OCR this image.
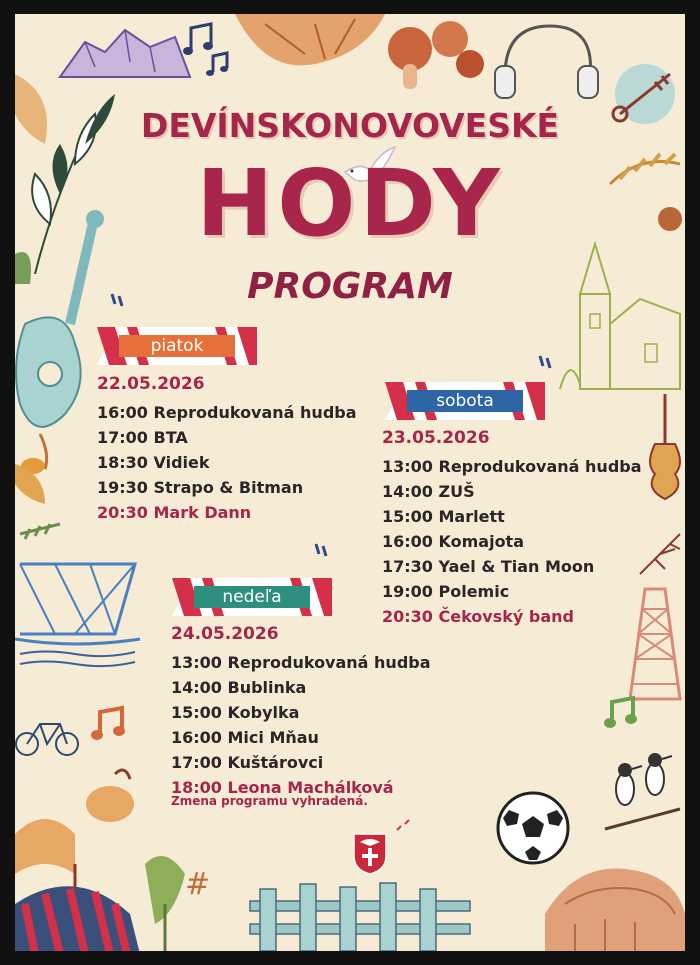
#
DEVÍNSKONOVOVESKÉ
HODY
PROGRAM
piatok
22.05.2026
16:00 Reprodukovaná hudba
17:00 BTA
18:30 Vidiek
19:30 Strapo & Bitman
20:30 Mark Dann
sobota
23.05.2026
13:00 Reprodukovaná hudba
14:00 ZUŠ
15:00 Marlett
16:00 Komajota
17:30 Yael & Tian Moon
19:00 Polemic
20:30 Čekovský band
nedeľa
24.05.2026
13:00 Reprodukovaná hudba
14:00 Bublinka
15:00 Kobylka
16:00 Mici Mňau
17:00 Kuštárovci
18:00 Leona Machálková
Zmena programu vyhradená.
